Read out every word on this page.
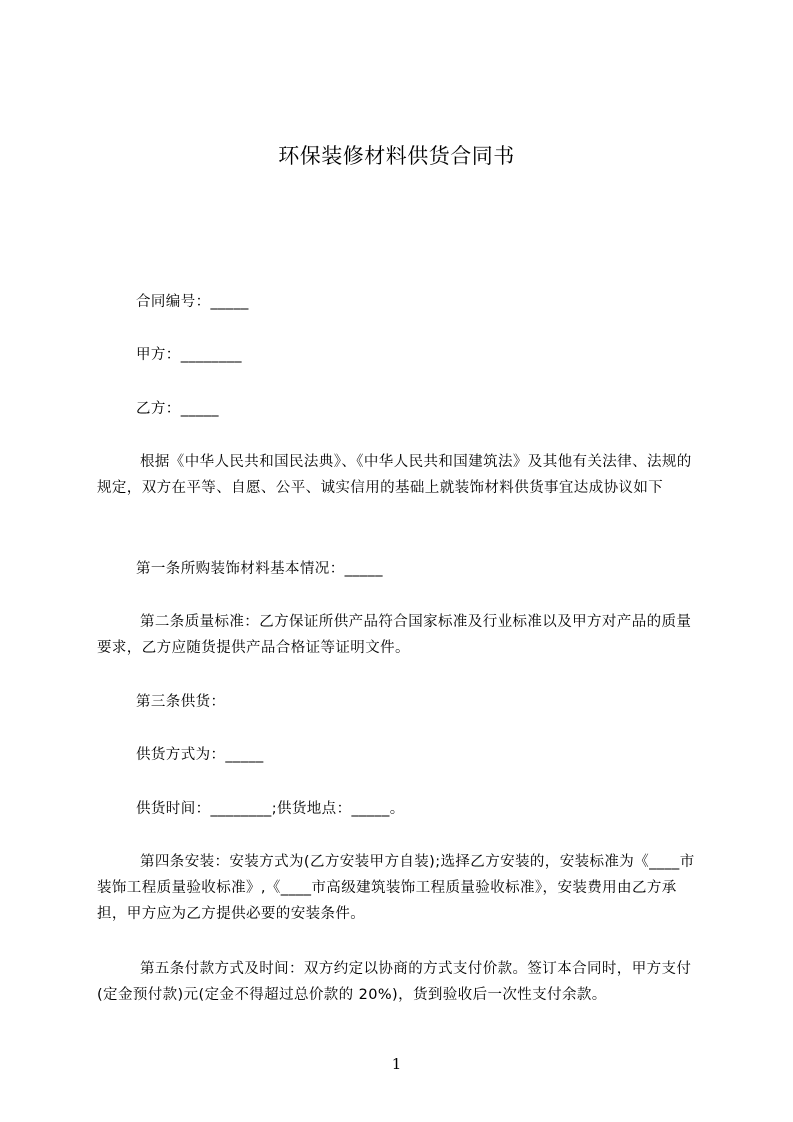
环保装修材料供货合同书
合同编号：_____
甲方：________
乙方：_____
根据《中华人民共和国民法典》、《中华人民共和国建筑法》及其他有关法律、法规的规定，双方在平等、自愿、公平、诚实信用的基础上就装饰材料供货事宜达成协议如下
第一条所购装饰材料基本情况：_____
第二条质量标准：乙方保证所供产品符合国家标准及行业标准以及甲方对产品的质量要求，乙方应随货提供产品合格证等证明文件。
第三条供货：
供货方式为：_____
供货时间：________;供货地点：_____。
第四条安装：安装方式为(乙方安装甲方自装);选择乙方安装的，安装标准为《____市装饰工程质量验收标准》,《____市高级建筑装饰工程质量验收标准》，安装费用由乙方承担，甲方应为乙方提供必要的安装条件。
第五条付款方式及时间：双方约定以协商的方式支付价款。签订本合同时，甲方支付(定金预付款)元(定金不得超过总价款的 20%)，货到验收后一次性支付余款。
1
